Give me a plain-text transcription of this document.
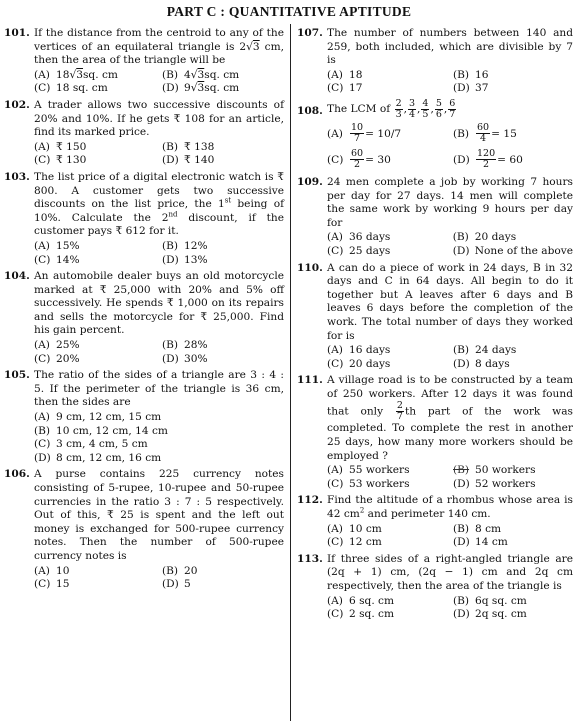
PART C : QUANTITATIVE APTITUDE
101. If the distance from the centroid to any of the vertices of an equilateral triangle is 2√3 cm, then the area of the triangle will be
(A) 18 √ 3 sq. cm	(B) 4 √ 3 sq. cm
(C) 18 sq. cm	(D) 9 √ 3 sq. cm
102. A trader allows two successive discounts of 20% and 10%. If he gets ₹ 108 for an article, find its marked price.
(A) ₹ 150	(B) ₹ 138
(C) ₹ 130	(D) ₹ 140
103. The list price of a digital electronic watch is ₹ 800. A customer gets two successive discounts on the list price, the 1st being of 10%. Calculate the 2nd discount, if the customer pays ₹ 612 for it.
(A) 15%	(B) 12%
(C) 14%	(D) 13%
104. An automobile dealer buys an old motorcycle marked at ₹ 25,000 with 20% and 5% off successively. He spends ₹ 1,000 on its repairs and sells the motorcycle for ₹ 25,000. Find his gain percent.
(A) 25%	(B) 28%
(C) 20%	(D) 30%
105. The ratio of the sides of a triangle are 3 : 4 : 5. If the perimeter of the triangle is 36 cm, then the sides are
(A) 9 cm, 12 cm, 15 cm
(B) 10 cm, 12 cm, 14 cm
(C) 3 cm, 4 cm, 5 cm
(D) 8 cm, 12 cm, 16 cm
106. A purse contains 225 currency notes consisting of 5-rupee, 10-rupee and 50-rupee currencies in the ratio 3 : 7 : 5 respectively. Out of this, ₹ 25 is spent and the left out money is exchanged for 500-rupee currency notes. Then the number of 500-rupee currency notes is
(A) 10	(B) 20
(C) 15	(D) 5
107. The number of numbers between 140 and 259, both included, which are divisible by 7 is
(A) 18	(B) 16
(C) 17	(D) 37
108. The LCM of
$\frac{2}{3}$ , $\frac{3}{4}$ , $\frac{4}{5}$ , $\frac{5}{6}$ , $\frac{6}{7}$
$(A) \frac{10}{7} = 10/7$	$(B) \frac{60}{4} = 15$
$(C) \frac{60}{2} = 30$	$(D) \frac{120}{2} = 60$
109. 24 men complete a job by working 7 hours per day for 27 days. 14 men will complete the same work by working 9 hours per day for
(A) 36 days	(B) 20 days
(C) 25 days	(D) None of the above
110. A can do a piece of work in 24 days, B in 32 days and C in 64 days. All begin to do it together but A leaves after 6 days and B leaves 6 days before the completion of the work. The total number of days they worked for is
(A) 16 days	(B) 24 days
(C) 20 days	(D) 8 days
111. A village road is to be constructed by a team of 250 workers. After 12 days it was found that only $\frac{2}{7}$ th part of the work was completed. To complete the rest in another 25 days, how many more workers should be employed ?
(A) 55 workers	(B) 50 workers
(C) 53 workers	(D) 52 workers
112. Find the altitude of a rhombus whose area is 42 $cm^2$ and perimeter 140 cm.
(A) 10 cm	(B) 8 cm
(C) 12 cm	(D) 14 cm
113. If three sides of a right-angled triangle are (2q + 1) cm, (2q − 1) cm and 2q cm respectively, then the area of the triangle is
(A) 6 sq. cm	(B) 6q sq. cm
(C) 2 sq. cm	(D) 2q sq. cm
